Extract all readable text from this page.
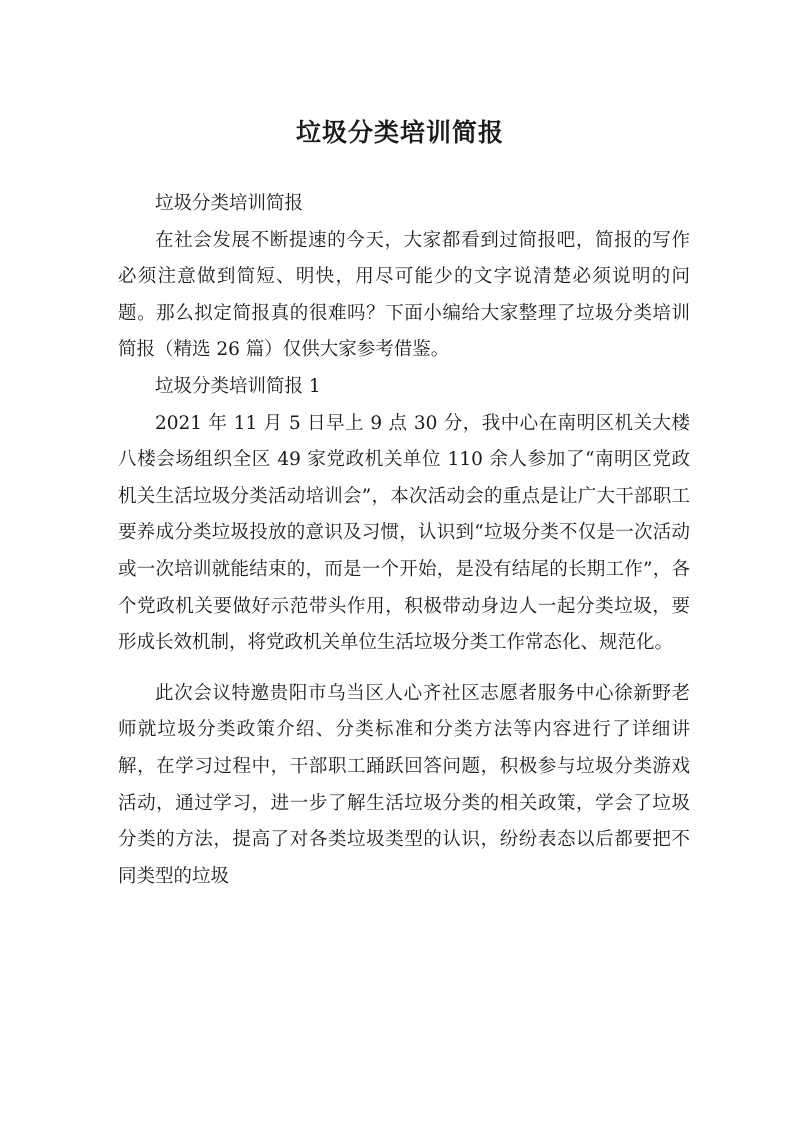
垃圾分类培训简报

垃圾分类培训简报

在社会发展不断提速的今天，大家都看到过简报吧，简报的写作必须注意做到简短、明快，用尽可能少的文字说清楚必须说明的问题。那么拟定简报真的很难吗？下面小编给大家整理了垃圾分类培训简报（精选 26 篇）仅供大家参考借鉴。

垃圾分类培训简报 1

2021 年 11 月 5 日早上 9 点 30 分，我中心在南明区机关大楼八楼会场组织全区 49 家党政机关单位 110 余人参加了“南明区党政机关生活垃圾分类活动培训会”，本次活动会的重点是让广大干部职工要养成分类垃圾投放的意识及习惯，认识到“垃圾分类不仅是一次活动或一次培训就能结束的，而是一个开始，是没有结尾的长期工作”，各个党政机关要做好示范带头作用，积极带动身边人一起分类垃圾，要形成长效机制，将党政机关单位生活垃圾分类工作常态化、规范化。

此次会议特邀贵阳市乌当区人心齐社区志愿者服务中心徐新野老师就垃圾分类政策介绍、分类标准和分类方法等内容进行了详细讲解，在学习过程中，干部职工踊跃回答问题，积极参与垃圾分类游戏活动，通过学习，进一步了解生活垃圾分类的相关政策，学会了垃圾分类的方法，提高了对各类垃圾类型的认识，纷纷表态以后都要把不同类型的垃圾
